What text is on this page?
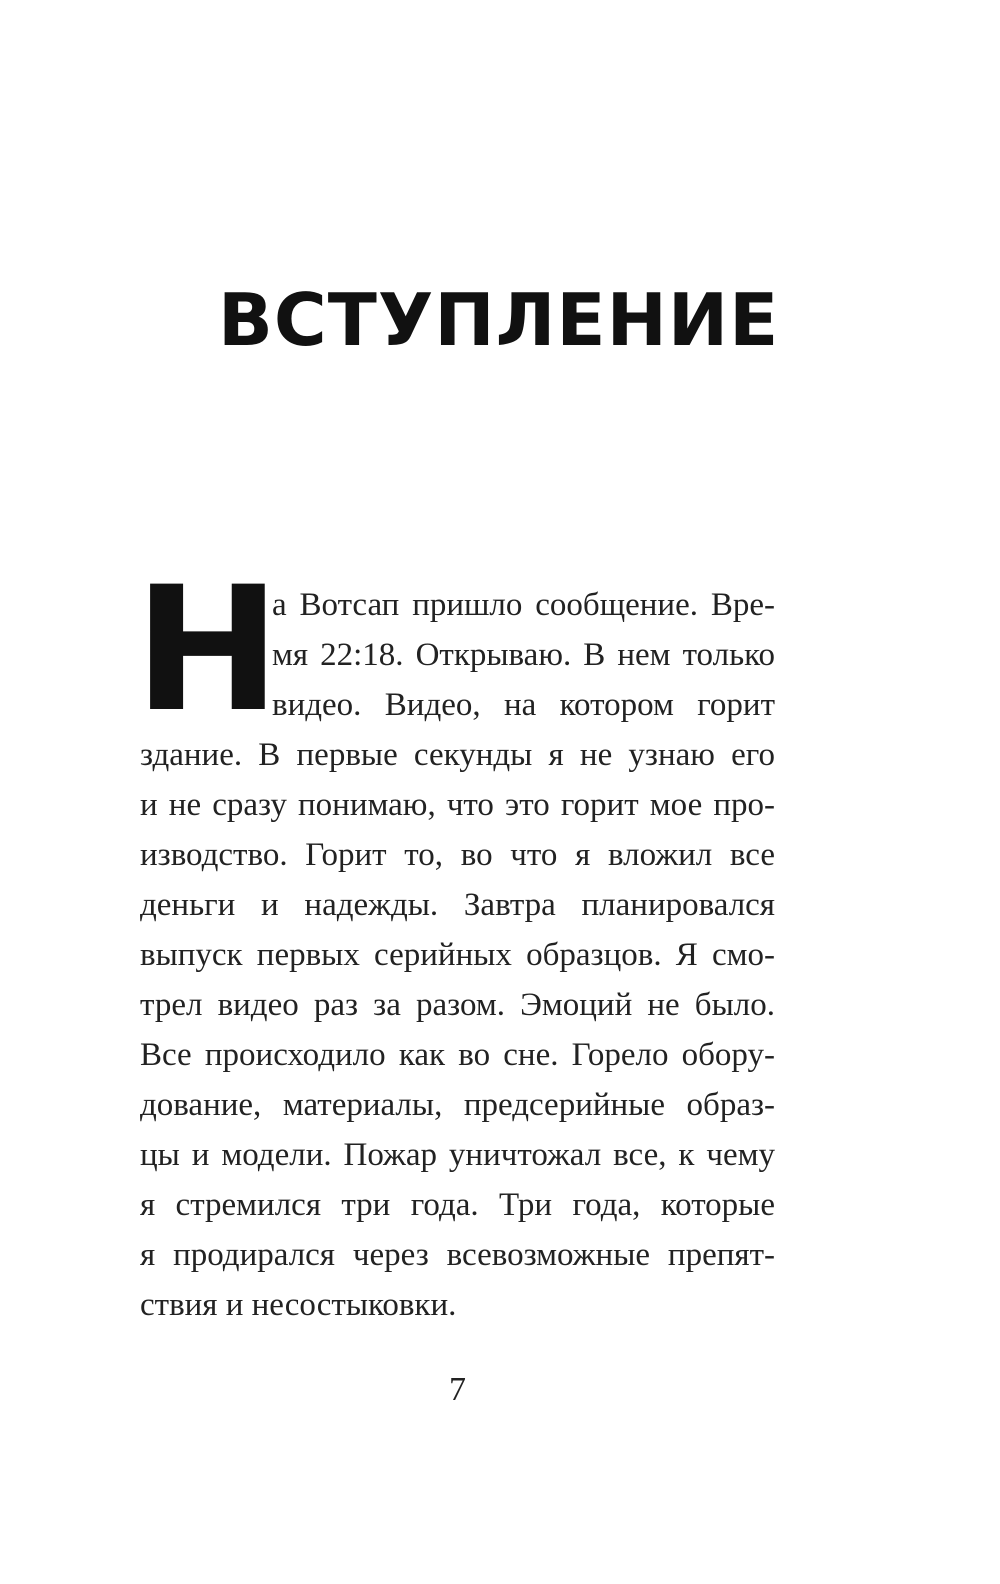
ВСТУПЛЕНИЕ
Н
а Вотсап пришло сообщение. Вре-
мя 22:18. Открываю. В нем только
видео. Видео, на котором горит
здание. В первые секунды я не узнаю его
и не сразу понимаю, что это горит мое про-
изводство. Горит то, во что я вложил все
деньги и надежды. Завтра планировался
выпуск первых серийных образцов. Я смо-
трел видео раз за разом. Эмоций не было.
Все происходило как во сне. Горело обору-
дование, материалы, предсерийные образ-
цы и модели. Пожар уничтожал все, к чему
я стремился три года. Три года, которые
я продирался через всевозможные препят-
ствия и несостыковки.
7
